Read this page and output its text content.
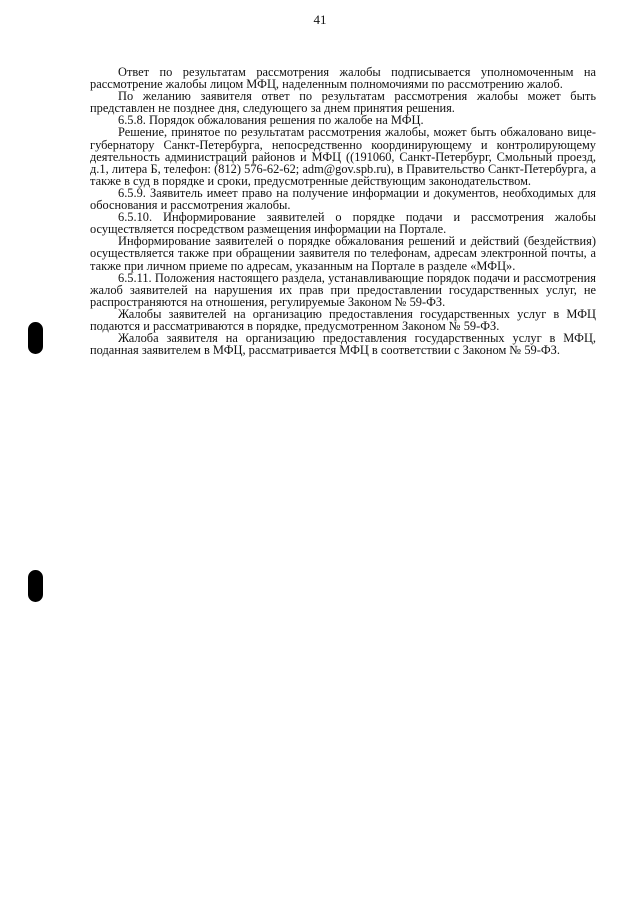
41

Ответ по результатам рассмотрения жалобы подписывается уполномоченным на рассмотрение жалобы лицом МФЦ, наделенным полномочиями по рассмотрению жалоб.

По желанию заявителя ответ по результатам рассмотрения жалобы может быть представлен не позднее дня, следующего за днем принятия решения.

6.5.8. Порядок обжалования решения по жалобе на МФЦ.

Решение, принятое по результатам рассмотрения жалобы, может быть обжаловано вице-губернатору Санкт-Петербурга, непосредственно координирующему и контролирующему деятельность администраций районов и МФЦ ((191060, Санкт-Петербург, Смольный проезд, д.1, литера Б, телефон: (812) 576-62-62; adm@gov.spb.ru), в Правительство Санкт-Петербурга, а также в суд в порядке и сроки, предусмотренные действующим законодательством.

6.5.9. Заявитель имеет право на получение информации и документов, необходимых для обоснования и рассмотрения жалобы.

6.5.10. Информирование заявителей о порядке подачи и рассмотрения жалобы осуществляется посредством размещения информации на Портале.

Информирование заявителей о порядке обжалования решений и действий (бездействия) осуществляется также при обращении заявителя по телефонам, адресам электронной почты, а также при личном приеме по адресам, указанным на Портале в разделе «МФЦ».

6.5.11. Положения настоящего раздела, устанавливающие порядок подачи и рассмотрения жалоб заявителей на нарушения их прав при предоставлении государственных услуг, не распространяются на отношения, регулируемые Законом № 59-ФЗ.

Жалобы заявителей на организацию предоставления государственных услуг в МФЦ подаются и рассматриваются в порядке, предусмотренном Законом № 59-ФЗ.

Жалоба заявителя на организацию предоставления государственных услуг в МФЦ, поданная заявителем в МФЦ, рассматривается МФЦ в соответствии с Законом № 59-ФЗ.
